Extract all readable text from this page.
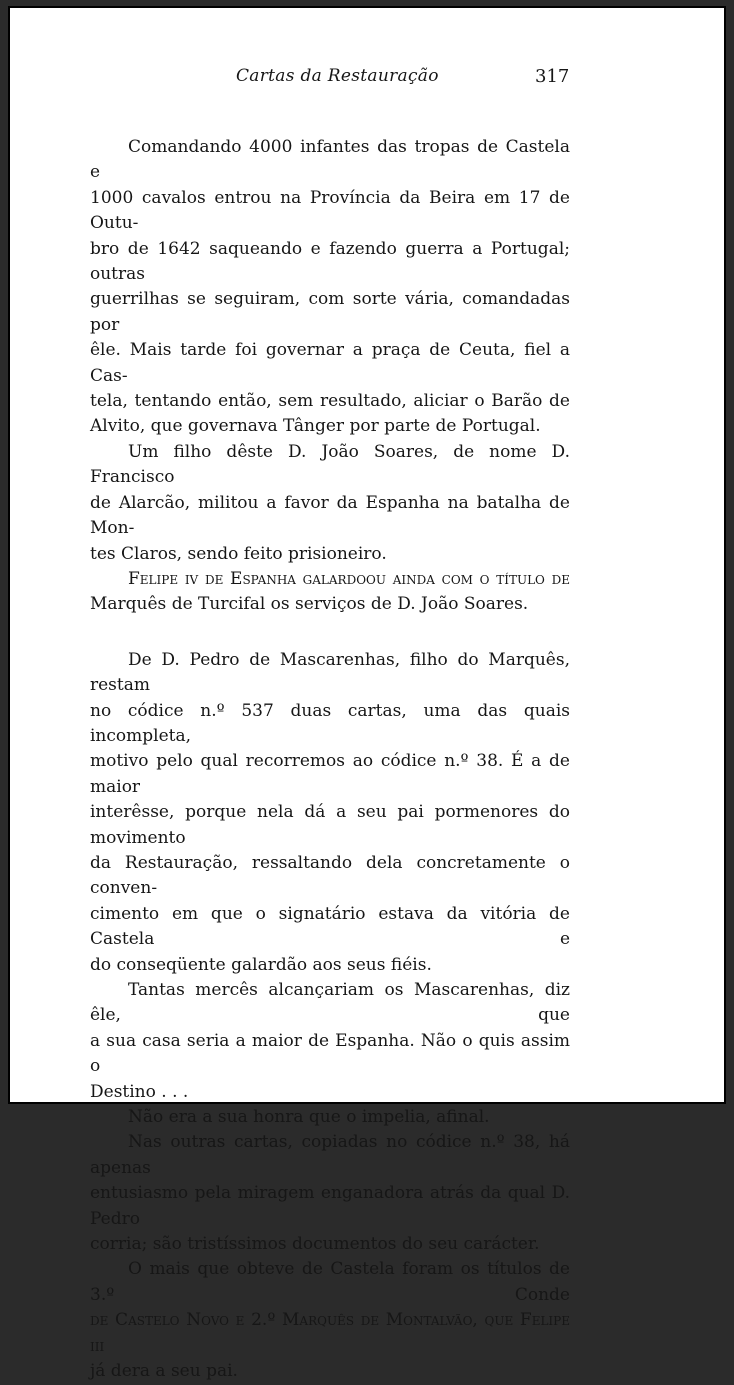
Cartas da Restauração	317
Comandando 4000 infantes das tropas de Castela e
1000 cavalos entrou na Província da Beira em 17 de Outu-
bro de 1642 saqueando e fazendo guerra a Portugal; outras
guerrilhas se seguiram, com sorte vária, comandadas por
êle. Mais tarde foi governar a praça de Ceuta, fiel a Cas-
tela, tentando então, sem resultado, aliciar o Barão de
Alvito, que governava Tânger por parte de Portugal.
Um filho dêste D. João Soares, de nome D. Francisco
de Alarcão, militou a favor da Espanha na batalha de Mon-
tes Claros, sendo feito prisioneiro.
Felipe iv de Espanha galardoou ainda com o título de
Marquês de Turcifal os serviços de D. João Soares.
De D. Pedro de Mascarenhas, filho do Marquês, restam
no códice n.º 537 duas cartas, uma das quais incompleta,
motivo pelo qual recorremos ao códice n.º 38. É a de maior
interêsse, porque nela dá a seu pai pormenores do movimento
da Restauração, ressaltando dela concretamente o conven-
cimento em que o signatário estava da vitória de Castela e
do conseqüente galardão aos seus fiéis.
Tantas mercês alcançariam os Mascarenhas, diz êle, que
a sua casa seria a maior de Espanha. Não o quis assim o
Destino . . .
Não era a sua honra que o impelia, afinal.
Nas outras cartas, copiadas no códice n.º 38, há apenas
entusiasmo pela miragem enganadora atrás da qual D. Pedro
corria; são tristíssimos documentos do seu carácter.
O mais que obteve de Castela foram os títulos de 3.º Conde
de Castelo Novo e 2.º Marquês de Montalvão, que Felipe iii
já dera a seu pai.
